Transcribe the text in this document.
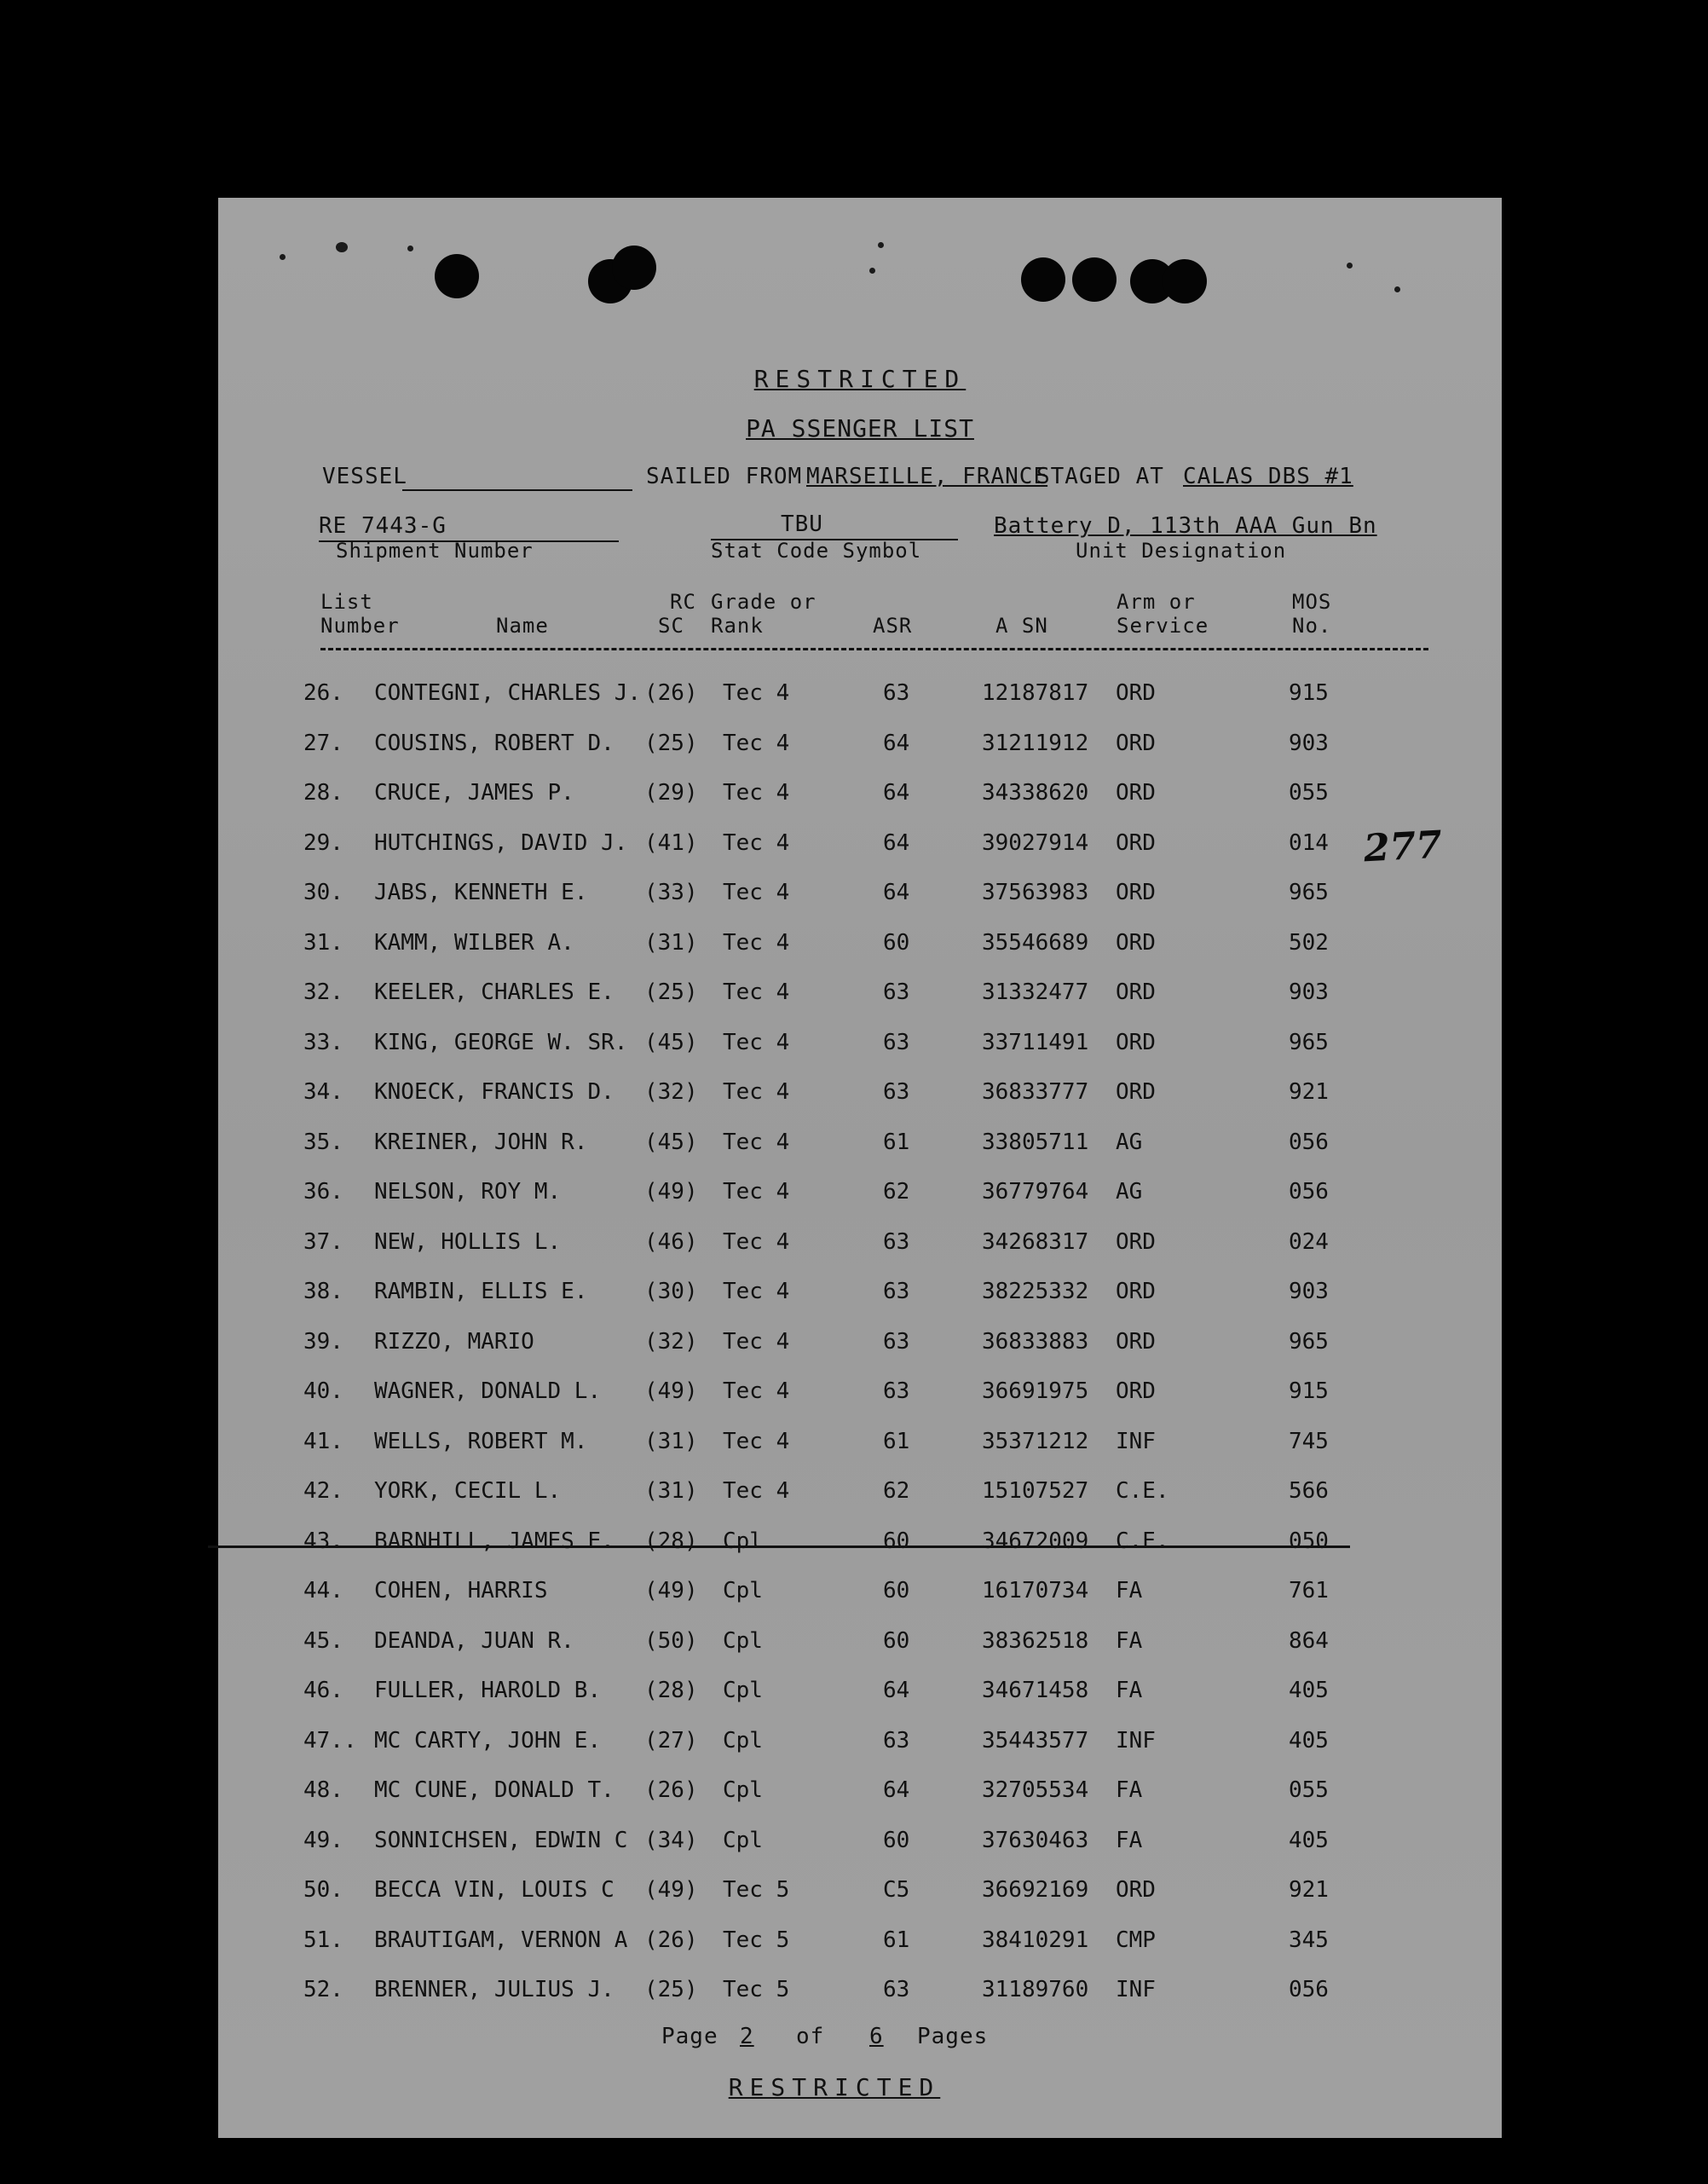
RESTRICTED
PA SSENGER LIST
VESSEL	SAILED FROM MARSEILLE, FRANCE
STAGED AT CALAS DBS #1
RE 7443-G
Shipment Number
TBU
Stat Code Symbol
Battery D, 113th AAA Gun Bn
Unit Designation
List
Number	Name
RC
SC
Grade or
Rank	ASR	A SN
Arm or
Service
MOS
No.
26. CONTEGNI, CHARLES J. (26) Tec 4	63	12187817 ORD	915
27. COUSINS, ROBERT D. (25) Tec 4	64	31211912 ORD	903
28. CRUCE, JAMES P.	(29) Tec 4	64	34338620 ORD	055
29. HUTCHINGS, DAVID J. (41) Tec 4	64	39027914 ORD	014
30. JABS, KENNETH E.	(33) Tec 4	64	37563983 ORD	965
31. KAMM, WILBER A.	(31) Tec 4	60	35546689 ORD	502
32. KEELER, CHARLES E. (25) Tec 4	63	31332477 ORD	903
33. KING, GEORGE W. SR. (45) Tec 4	63	33711491 ORD	965
34. KNOECK, FRANCIS D. (32) Tec 4	63	36833777 ORD	921
35. KREINER, JOHN R.	(45) Tec 4	61	33805711 AG	056
36. NELSON, ROY M.	(49) Tec 4	62	36779764 AG	056
37. NEW, HOLLIS L.	(46) Tec 4	63	34268317 ORD	024
38. RAMBIN, ELLIS E.	(30) Tec 4	63	38225332 ORD	903
39. RIZZO, MARIO	(32) Tec 4	63	36833883 ORD	965
40. WAGNER, DONALD L. (49) Tec 4	63	36691975 ORD	915
41. WELLS, ROBERT M.	(31) Tec 4	61	35371212 INF	745
42. YORK, CECIL L.	(31) Tec 4	62	15107527 C.E.	566
43. BARNHILL, JAMES E. (28) Cpl	60	34672009 C.E.	050
44. COHEN, HARRIS	(49) Cpl	60	16170734 FA	761
45. DEANDA, JUAN R.	(50) Cpl	60	38362518 FA	864
46. FULLER, HAROLD B. (28) Cpl	64	34671458 FA	405
47.. MC CARTY, JOHN E. (27) Cpl	63	35443577 INF	405
48. MC CUNE, DONALD T. (26) Cpl	64	32705534 FA	055
49. SONNICHSEN, EDWIN C (34) Cpl	60	37630463 FA	405
50. BECCA VIN, LOUIS C (49) Tec 5	C5	36692169 ORD	921
51. BRAUTIGAM, VERNON A (26) Tec 5	61	38410291 CMP	345
52. BRENNER, JULIUS J. (25) Tec 5	63	31189760 INF	056
Page 2 of 6 Pages
RESTRICTED
277
